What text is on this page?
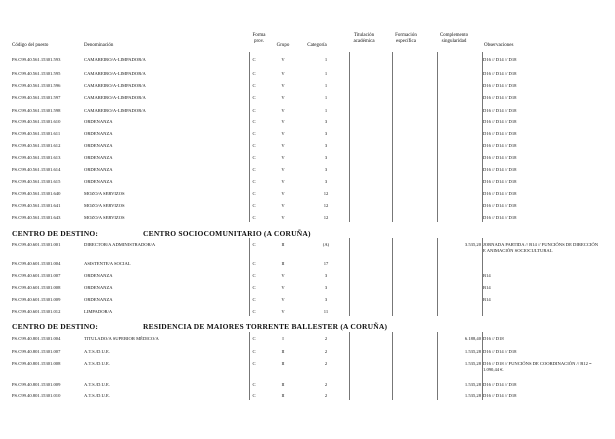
Código del puesto	Denominación
Forma prov.
Grupo	Categoría
Titulación académica
Formación específica
Complemento singularidad
Observaciones
PS.C99.40.561.15301.593	CAMAREIRO/A-LIMPADOR/A	C	V	1	D16 // D14 // D18
PS.C99.40.561.15301.595	CAMAREIRO/A-LIMPADOR/A	C	V	1	D16 // D14 // D18
PS.C99.40.561.15301.596	CAMAREIRO/A-LIMPADOR/A	C	V	1	D16 // D14 // D18
PS.C99.40.561.15301.597	CAMAREIRO/A-LIMPADOR/A	C	V	1	D16 // D14 // D18
PS.C99.40.561.15301.598	CAMAREIRO/A-LIMPADOR/A	C	V	1	D16 // D14 // D18
PS.C99.40.561.15301.610	ORDENANZA	C	V	3	D16 // D14 // D18
PS.C99.40.561.15301.611	ORDENANZA	C	V	3	D16 // D14 // D18
PS.C99.40.561.15301.612	ORDENANZA	C	V	3	D16 // D14 // D18
PS.C99.40.561.15301.613	ORDENANZA	C	V	3	D16 // D14 // D18
PS.C99.40.561.15301.614	ORDENANZA	C	V	3	D16 // D14 // D18
PS.C99.40.561.15301.615	ORDENANZA	C	V	3	D16 // D14 // D18
PS.C99.40.561.15301.640	MOZO/A SERVIZOS	C	V	12	D16 // D14 // D18
PS.C99.40.561.15301.641	MOZO/A SERVIZOS	C	V	12	D16 // D14 // D18
PS.C99.40.561.15301.643	MOZO/A SERVIZOS	C	V	12	D16 // D14 // D18
CENTRO DE DESTINO:	CENTRO SOCIOCOMUNITARIO (A CORUÑA)
PS.C99.40.601.15301.001	DIRECTOR/A ADMINISTRADOR/A	C	II	(A)	3.535,20 JORNADA PARTIDA // B14 // FUNCIÓNS DE DIRECCIÓN E ANIMACIÓN SOCIOCULTURAL
PS.C99.40.601.15301.004	ASISTENTE/A SOCIAL	C	II	17
PS.C99.40.601.15301.007	ORDENANZA	C	V	3	B14
PS.C99.40.601.15301.008	ORDENANZA	C	V	3	B14
PS.C99.40.601.15301.009	ORDENANZA	C	V	3	B14
PS.C99.40.601.15301.012	LIMPADOR/A	C	V	11
CENTRO DE DESTINO:	RESIDENCIA DE MAIORES TORRENTE BALLESTER (A CORUÑA)
PS.C99.40.801.15301.004	TITULADO/A SUPERIOR MÉDICO/A	C	I	2	6.188,40 D16 // D18
PS.C99.40.801.15301.007	A.T.S./D.U.E.	C	II	2	1.535,28 D16 // D14 // D18
PS.C99.40.801.15301.008	A.T.S./D.U.E.	C	II	2	1.535,28 D16 // D18 // FUNCIÓNS DE COORDINACIÓN // B12 = 1.090,44 €.
PS.C99.40.801.15301.009	A.T.S./D.U.E.	C	II	2	1.535,28 D16 // D14 // D18
PS.C99.40.801.15301.010	A.T.S./D.U.E.	C	II	2	1.535,28 D16 // D14 // D18
